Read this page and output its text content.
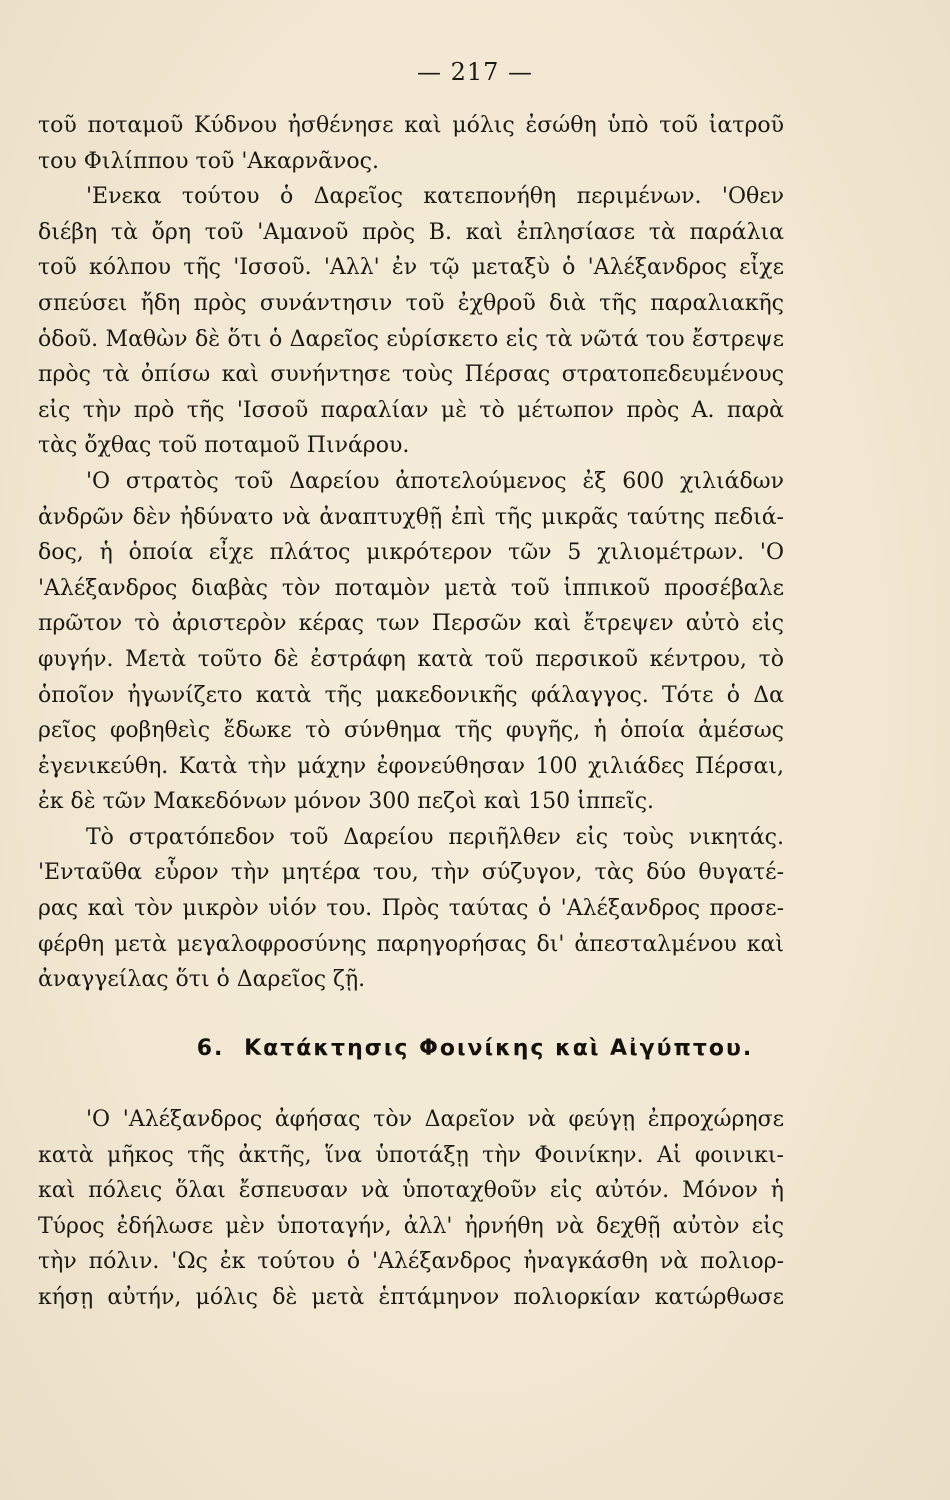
— 217 —
τοῦ ποταμοῦ Κύδνου ἠσθένησε καὶ μόλις ἐσώθη ὑπὸ τοῦ ἰατροῦ
του Φιλίππου τοῦ 'Ακαρνᾶνος.
'Ενεκα τούτου ὁ Δαρεῖος κατεπονήθη περιμένων. 'Οθεν
διέβη τὰ ὄρη τοῦ 'Αμανοῦ πρὸς Β. καὶ ἐπλησίασε τὰ παράλια
τοῦ κόλπου τῆς 'Ισσοῦ. 'Αλλ' ἐν τῷ μεταξὺ ὁ 'Αλέξανδρος εἶχε
σπεύσει ἤδη πρὸς συνάντησιν τοῦ ἐχθροῦ διὰ τῆς παραλιακῆς
ὁδοῦ. Μαθὼν δὲ ὅτι ὁ Δαρεῖος εὑρίσκετο εἰς τὰ νῶτά του ἔστρεψε
πρὸς τὰ ὀπίσω καὶ συνήντησε τοὺς Πέρσας στρατοπεδευμένους
εἰς τὴν πρὸ τῆς 'Ισσοῦ παραλίαν μὲ τὸ μέτωπον πρὸς Α. παρὰ
τὰς ὄχθας τοῦ ποταμοῦ Πινάρου.
'Ο στρατὸς τοῦ Δαρείου ἀποτελούμενος ἐξ 600 χιλιάδων
ἀνδρῶν δὲν ἠδύνατο νὰ ἀναπτυχθῇ ἐπὶ τῆς μικρᾶς ταύτης πεδιά-
δος, ἡ ὁποία εἶχε πλάτος μικρότερον τῶν 5 χιλιομέτρων. 'Ο
'Αλέξανδρος διαβὰς τὸν ποταμὸν μετὰ τοῦ ἱππικοῦ προσέβαλε
πρῶτον τὸ ἀριστερὸν κέρας των Περσῶν καὶ ἔτρεψεν αὐτὸ εἰς
φυγήν. Μετὰ τοῦτο δὲ ἐστράφη κατὰ τοῦ περσικοῦ κέντρου, τὸ
ὁποῖον ἠγωνίζετο κατὰ τῆς μακεδονικῆς φάλαγγος. Τότε ὁ Δα
ρεῖος φοβηθεὶς ἔδωκε τὸ σύνθημα τῆς φυγῆς, ἡ ὁποία ἀμέσως
ἐγενικεύθη. Κατὰ τὴν μάχην ἐφονεύθησαν 100 χιλιάδες Πέρσαι,
ἐκ δὲ τῶν Μακεδόνων μόνον 300 πεζοὶ καὶ 150 ἱππεῖς.
Τὸ στρατόπεδον τοῦ Δαρείου περιῆλθεν εἰς τοὺς νικητάς.
'Ενταῦθα εὗρον τὴν μητέρα του, τὴν σύζυγον, τὰς δύο θυγατέ-
ρας καὶ τὸν μικρὸν υἱόν του. Πρὸς ταύτας ὁ 'Αλέξανδρος προσε-
φέρθη μετὰ μεγαλοφροσύνης παρηγορήσας δι' ἀπεσταλμένου καὶ
ἀναγγείλας ὅτι ὁ Δαρεῖος ζῇ.
6. Κατάκτησις Φοινίκης καὶ Αἰγύπτου.
'Ο 'Αλέξανδρος ἀφήσας τὸν Δαρεῖον νὰ φεύγῃ ἐπροχώρησε
κατὰ μῆκος τῆς ἀκτῆς, ἵνα ὑποτάξῃ τὴν Φοινίκην. Αἱ φοινικι-
καὶ πόλεις ὅλαι ἔσπευσαν νὰ ὑποταχθοῦν εἰς αὐτόν. Μόνον ἡ
Τύρος ἐδήλωσε μὲν ὑποταγήν, ἀλλ' ἠρνήθη νὰ δεχθῇ αὐτὸν εἰς
τὴν πόλιν. 'Ως ἐκ τούτου ὁ 'Αλέξανδρος ἠναγκάσθη νὰ πολιορ-
κήσῃ αὐτήν, μόλις δὲ μετὰ ἑπτάμηνον πολιορκίαν κατώρθωσε
